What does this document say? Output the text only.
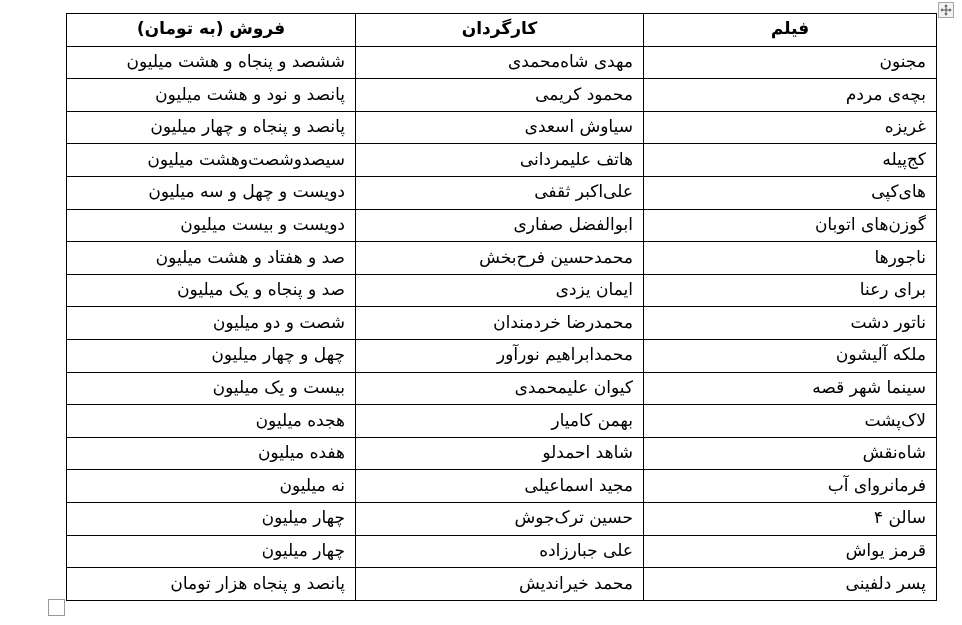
فیلم	کارگردان	فروش (به تومان)
مجنون	مهدی شاه‌محمدی	ششصد و پنجاه و هشت میلیون
بچه‌ی مردم	محمود کریمی	پانصد و نود و هشت میلیون
غریزه	سیاوش اسعدی	پانصد و پنجاه و چهار میلیون
کج‌پیله	هاتف علیمردانی	سیصدوشصت‌وهشت میلیون
های‌کپی	علی‌اکبر ثقفی	دویست و چهل و سه میلیون
گوزن‌های اتوبان	ابوالفضل صفاری	دویست و بیست میلیون
ناجورها	محمدحسین فرح‌بخش	صد و هفتاد و هشت میلیون
برای رعنا	ایمان یزدی	صد و پنجاه و یک میلیون
ناتور دشت	محمدرضا خردمندان	شصت و دو میلیون
ملکه آلیشون	محمدابراهیم نورآور	چهل و چهار میلیون
سینما شهر قصه	کیوان علیمحمدی	بیست و یک میلیون
لاک‌پشت	بهمن کامیار	هجده میلیون
شاه‌نقش	شاهد احمدلو	هفده میلیون
فرمانروای آب	مجید اسماعیلی	نه میلیون
سالن ۴	حسین ترک‌جوش	چهار میلیون
قرمز یواش	علی جبارزاده	چهار میلیون
پسر دلفینی	محمد خیراندیش	پانصد و پنجاه هزار تومان
